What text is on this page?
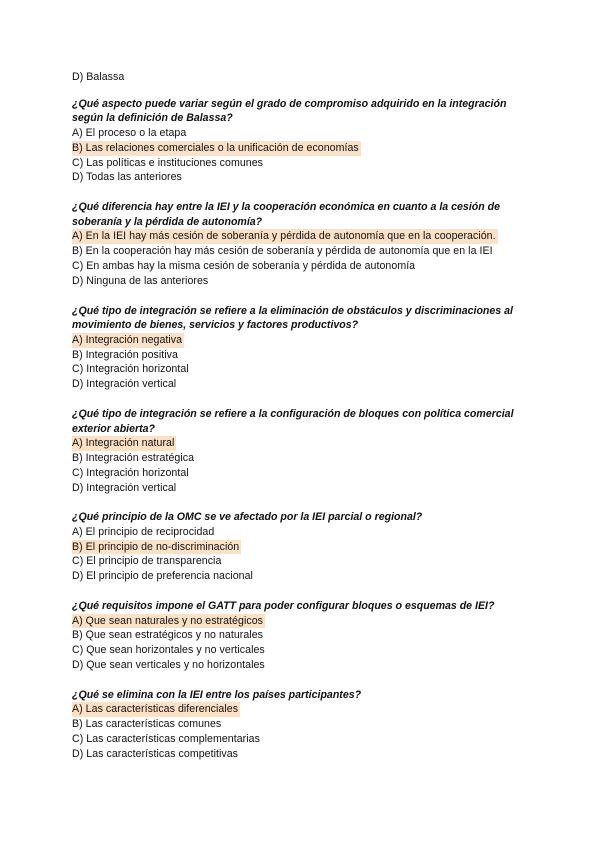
D) Balassa
¿Qué aspecto puede variar según el grado de compromiso adquirido en la integración según la definición de Balassa?
A) El proceso o la etapa
B) Las relaciones comerciales o la unificación de economías
C) Las políticas e instituciones comunes
D) Todas las anteriores
¿Qué diferencia hay entre la IEI y la cooperación económica en cuanto a la cesión de soberanía y la pérdida de autonomía?
A) En la IEI hay más cesión de soberanía y pérdida de autonomía que en la cooperación.
B) En la cooperación hay más cesión de soberanía y pérdida de autonomía que en la IEI
C) En ambas hay la misma cesión de soberanía y pérdida de autonomía
D) Ninguna de las anteriores
¿Qué tipo de integración se refiere a la eliminación de obstáculos y discriminaciones al movimiento de bienes, servicios y factores productivos?
A) Integración negativa
B) Integración positiva
C) Integración horizontal
D) Integración vertical
¿Qué tipo de integración se refiere a la configuración de bloques con política comercial exterior abierta?
A) Integración natural
B) Integración estratégica
C) Integración horizontal
D) Integración vertical
¿Qué principio de la OMC se ve afectado por la IEI parcial o regional?
A) El principio de reciprocidad
B) El principio de no-discriminación
C) El principio de transparencia
D) El principio de preferencia nacional
¿Qué requisitos impone el GATT para poder configurar bloques o esquemas de IEI?
A) Que sean naturales y no estratégicos
B) Que sean estratégicos y no naturales
C) Que sean horizontales y no verticales
D) Que sean verticales y no horizontales
¿Qué se elimina con la IEI entre los países participantes?
A) Las características diferenciales
B) Las características comunes
C) Las características complementarias
D) Las características competitivas
